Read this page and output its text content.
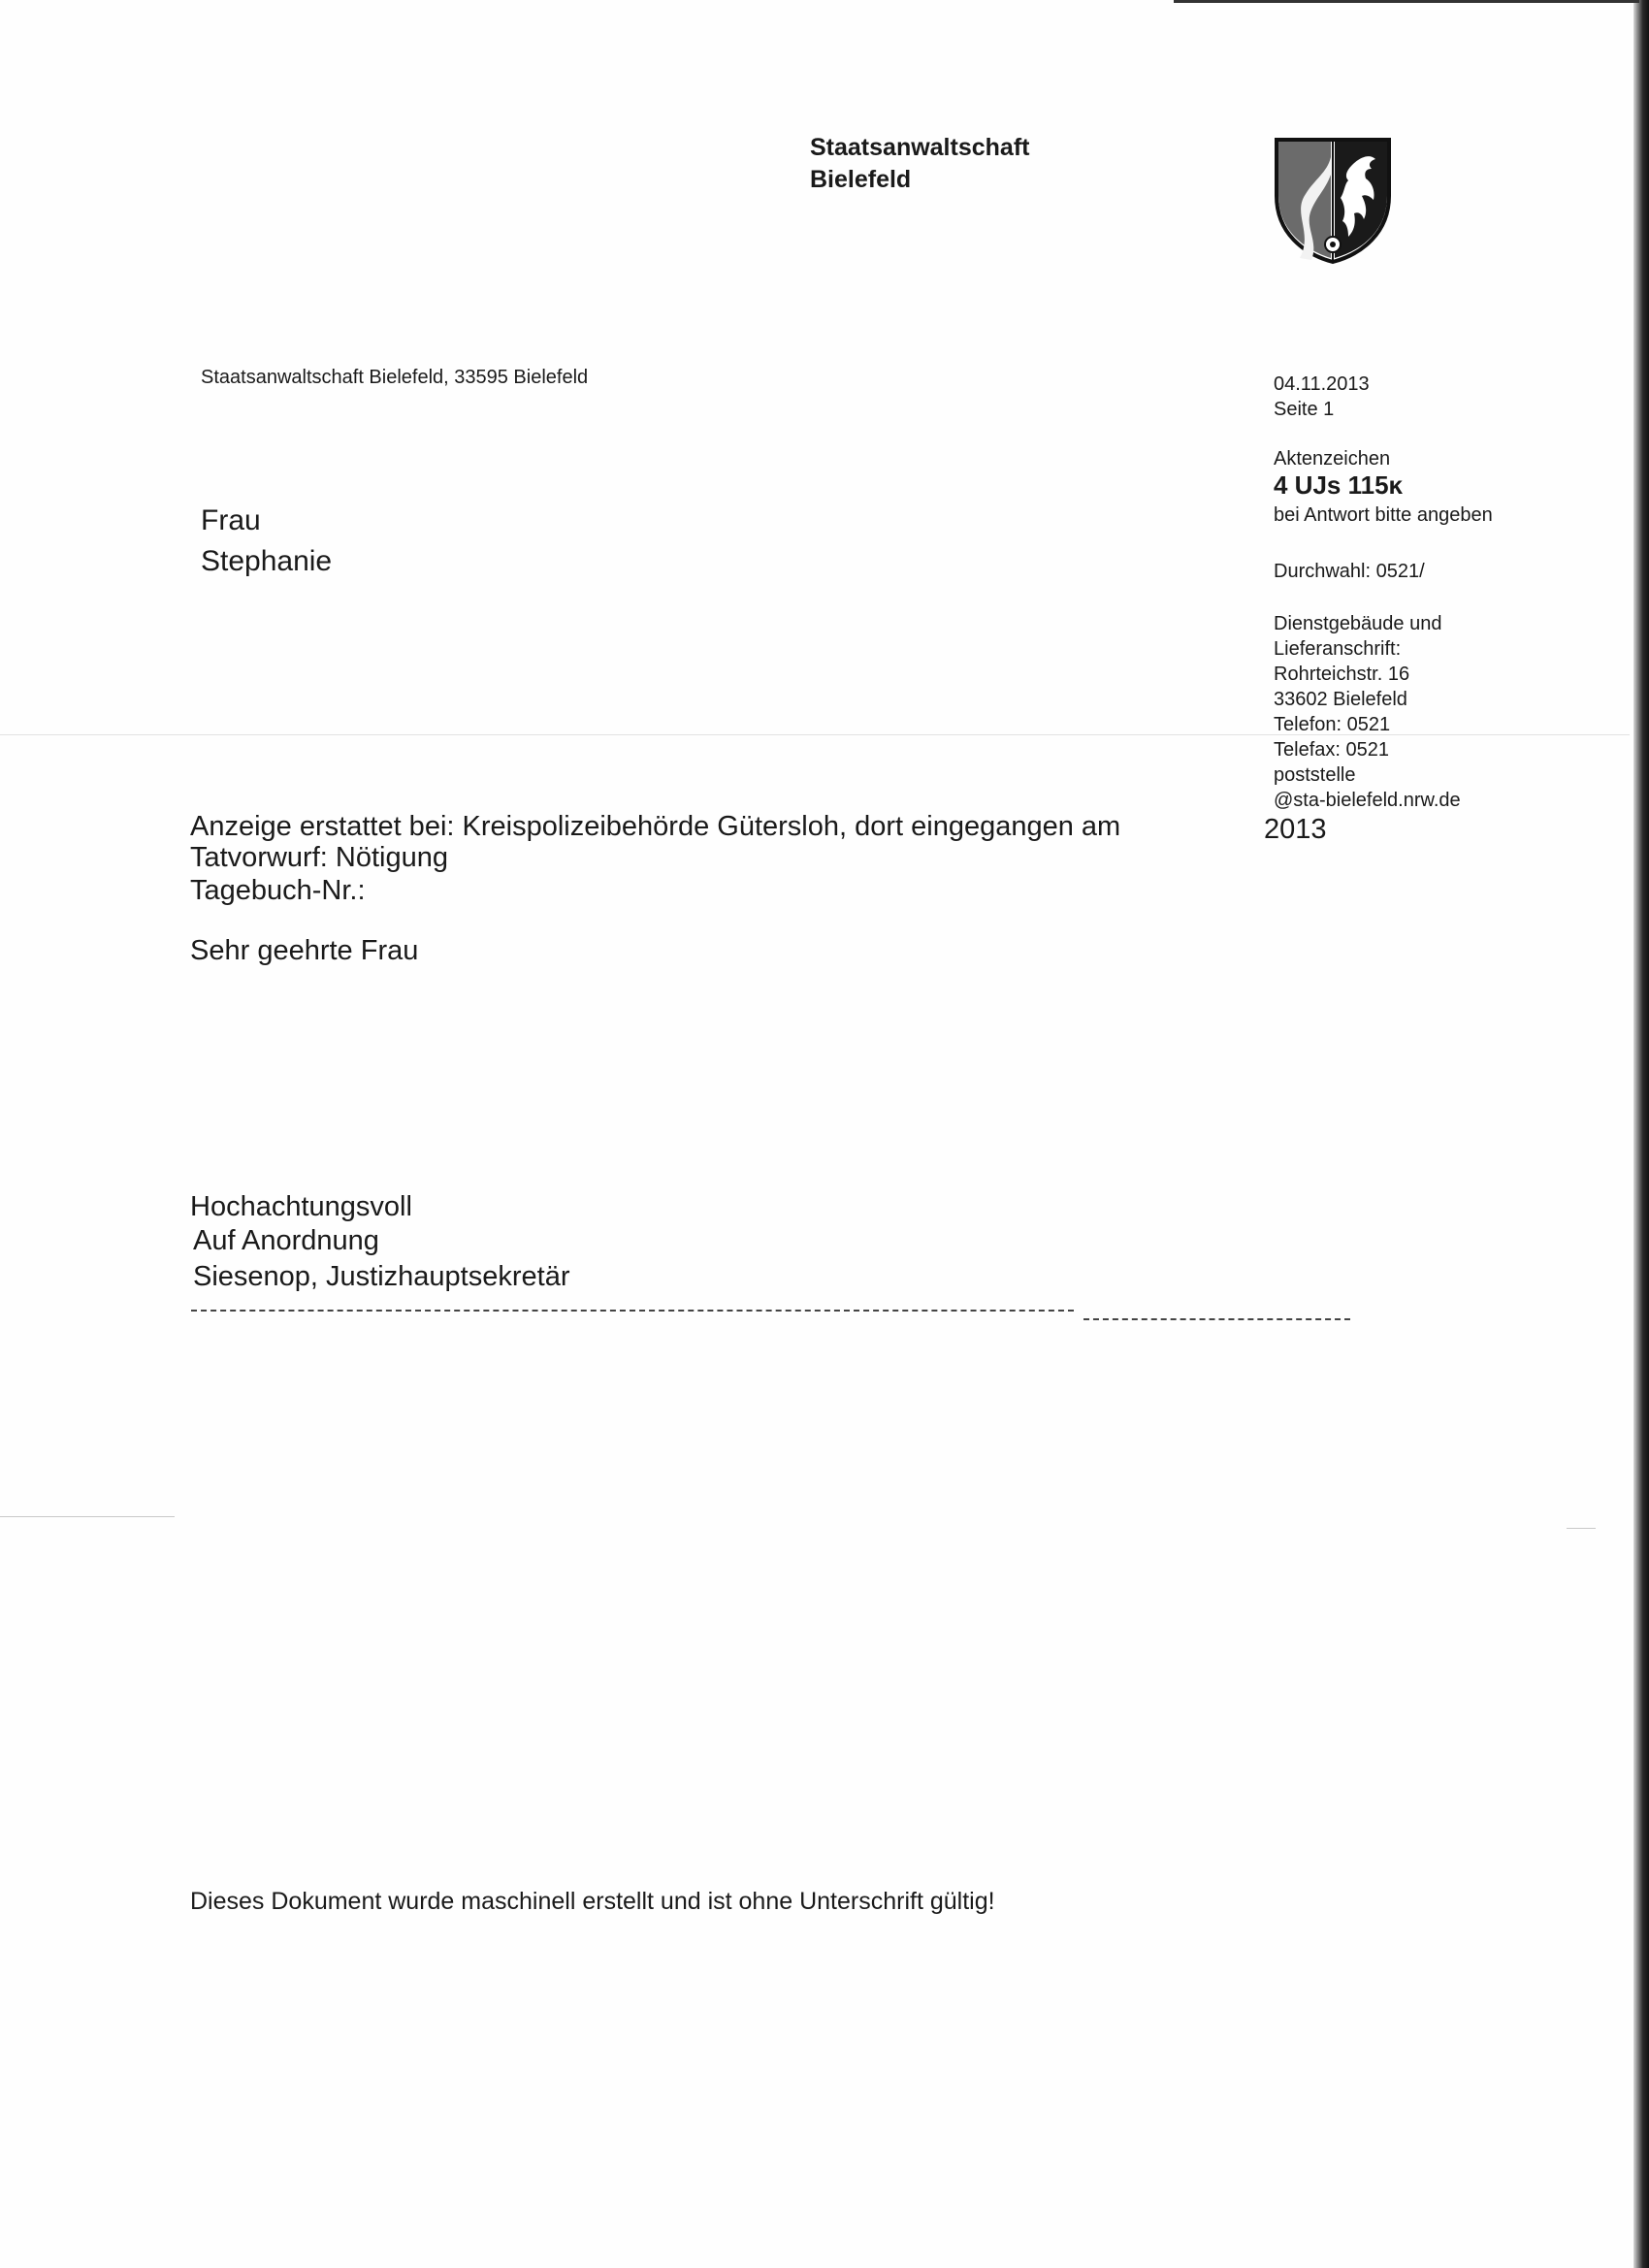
Staatsanwaltschaft
Bielefeld
Staatsanwaltschaft Bielefeld, 33595 Bielefeld
Frau
Stephanie
04.11.2013
Seite 1
Aktenzeichen
4 UJs 115ĸ
bei Antwort bitte angeben
Durchwahl: 0521/
Dienstgebäude und
Lieferanschrift:
Rohrteichstr. 16
33602 Bielefeld
Telefon: 0521
Telefax: 0521
poststelle
@sta-bielefeld.nrw.de
Anzeige erstattet bei: Kreispolizeibehörde Gütersloh, dort eingegangen am	2013
Tatvorwurf: Nötigung
Tagebuch-Nr.:
Sehr geehrte Frau
Hochachtungsvoll
Auf Anordnung
Siesenop, Justizhauptsekretär
Dieses Dokument wurde maschinell erstellt und ist ohne Unterschrift gültig!
